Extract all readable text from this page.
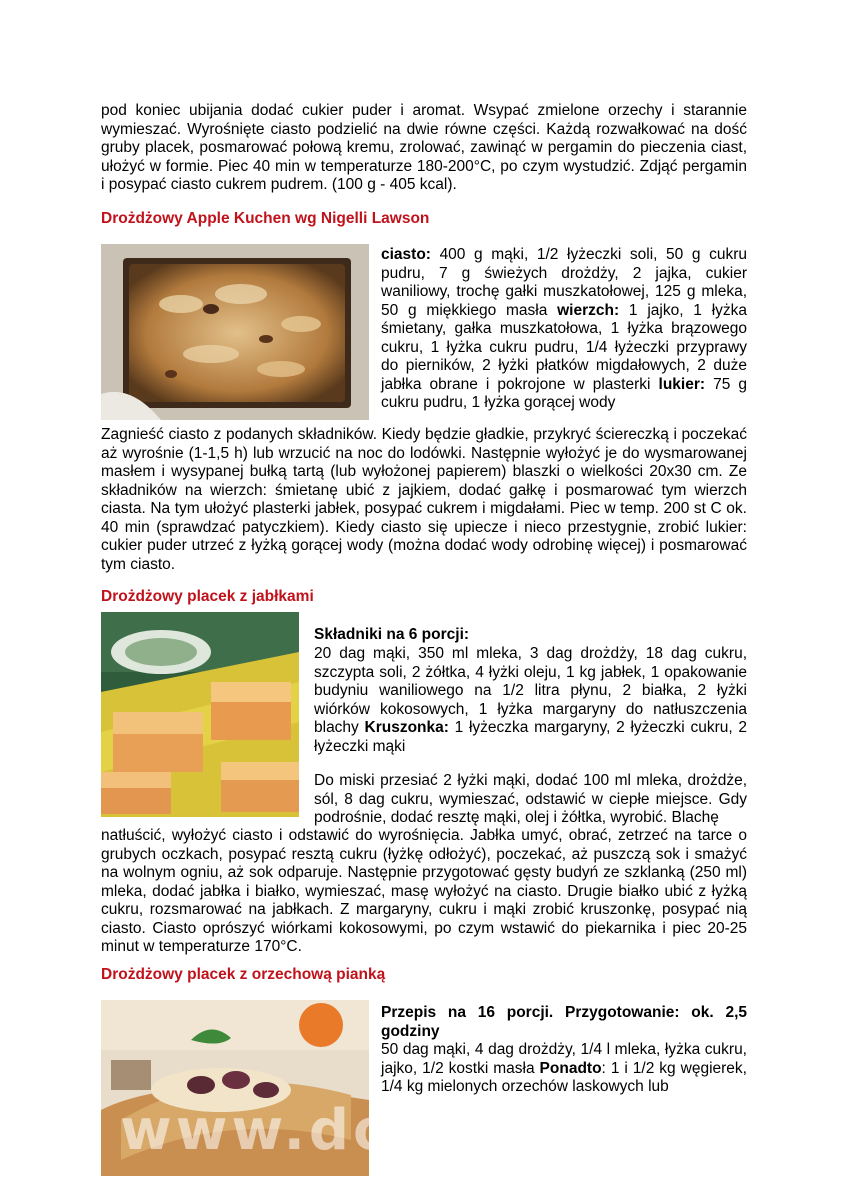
pod koniec ubijania dodać cukier puder i aromat. Wsypać zmielone orzechy i starannie wymieszać. Wyrośnięte ciasto podzielić na dwie równe części. Każdą rozwałkować na dość gruby placek, posmarować połową kremu, zrolować, zawinąć w pergamin do pieczenia ciast, ułożyć w formie. Piec 40 min w temperaturze 180-200°C, po czym wystudzić. Zdjąć pergamin i posypać ciasto cukrem pudrem. (100 g - 405 kcal).

Drożdżowy Apple Kuchen wg Nigelli Lawson

ciasto: 400 g mąki, 1/2 łyżeczki soli, 50 g cukru pudru, 7 g świeżych drożdży, 2 jajka, cukier waniliowy, trochę gałki muszkatołowej, 125 g mleka, 50 g miękkiego masła wierzch: 1 jajko, 1 łyżka śmietany, gałka muszkatołowa, 1 łyżka brązowego cukru, 1 łyżka cukru pudru, 1/4 łyżeczki przyprawy do pierników, 2 łyżki płatków migdałowych, 2 duże jabłka obrane i pokrojone w plasterki lukier: 75 g cukru pudru, 1 łyżka gorącej wody

Zagnieść ciasto z podanych składników. Kiedy będzie gładkie, przykryć ściereczką i poczekać aż wyrośnie (1-1,5 h) lub wrzucić na noc do lodówki. Następnie wyłożyć je do wysmarowanej masłem i wysypanej bułką tartą (lub wyłożonej papierem) blaszki o wielkości 20x30 cm. Ze składników na wierzch: śmietanę ubić z jajkiem, dodać gałkę i posmarować tym wierzch ciasta. Na tym ułożyć plasterki jabłek, posypać cukrem i migdałami. Piec w temp. 200 st C ok. 40 min (sprawdzać patyczkiem). Kiedy ciasto się upiecze i nieco przestygnie, zrobić lukier: cukier puder utrzeć z łyżką gorącej wody (można dodać wody odrobinę więcej) i posmarować tym ciasto.

Drożdżowy placek z jabłkami

Składniki na 6 porcji:

20 dag mąki, 350 ml mleka, 3 dag drożdży, 18 dag cukru, szczypta soli, 2 żółtka, 4 łyżki oleju, 1 kg jabłek, 1 opakowanie budyniu waniliowego na 1/2 litra płynu, 2 białka, 2 łyżki wiórków kokosowych, 1 łyżka margaryny do natłuszczenia blachy Kruszonka: 1 łyżeczka margaryny, 2 łyżeczki cukru, 2 łyżeczki mąki

Do miski przesiać 2 łyżki mąki, dodać 100 ml mleka, drożdże, sól, 8 dag cukru, wymieszać, odstawić w ciepłe miejsce. Gdy podrośnie, dodać resztę mąki, olej i żółtka, wyrobić. Blachę

natłuścić, wyłożyć ciasto i odstawić do wyrośnięcia. Jabłka umyć, obrać, zetrzeć na tarce o grubych oczkach, posypać resztą cukru (łyżkę odłożyć), poczekać, aż puszczą sok i smażyć na wolnym ogniu, aż sok odparuje. Następnie przygotować gęsty budyń ze szklanką (250 ml) mleka, dodać jabłka i białko, wymieszać, masę wyłożyć na ciasto. Drugie białko ubić z łyżką cukru, rozsmarować na jabłkach. Z margaryny, cukru i mąki zrobić kruszonkę, posypać nią ciasto. Ciasto oprószyć wiórkami kokosowymi, po czym wstawić do piekarnika i piec 20-25 minut w temperaturze 170°C.

Drożdżowy placek z orzechową pianką

Przepis na 16 porcji. Przygotowanie: ok. 2,5 godziny

50 dag mąki, 4 dag drożdży, 1/4 l mleka, łyżka cukru, jajko, 1/2 kostki masła Ponadto: 1 i 1/2 kg węgierek, 1/4 kg mielonych orzechów laskowych lub

www.domowe.pl
